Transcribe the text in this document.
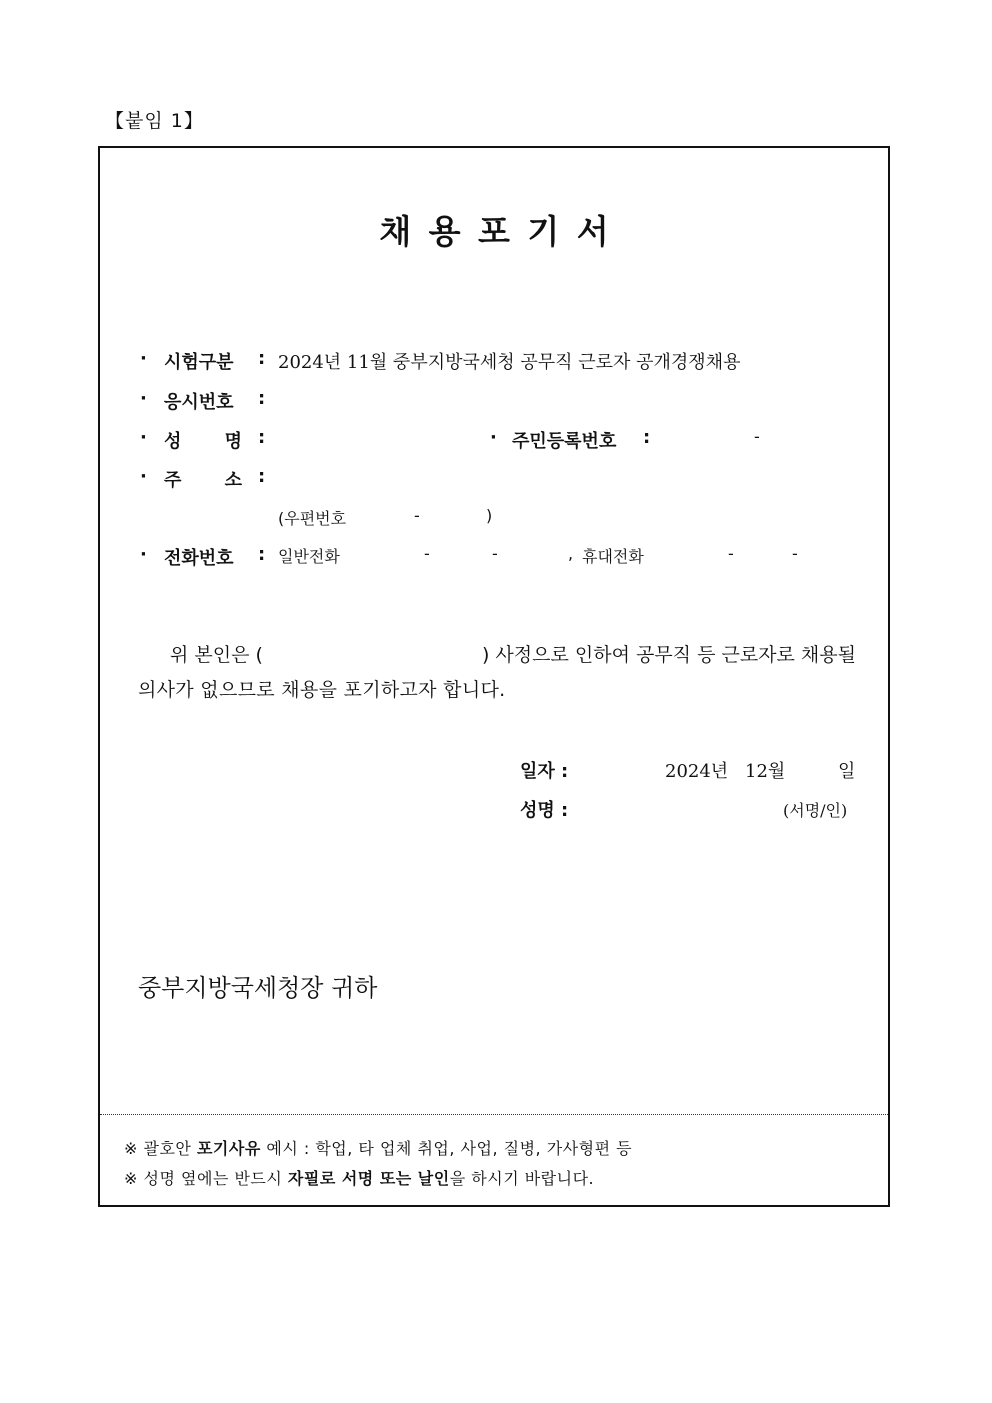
【붙임 1】
채 용 포 기 서
· 시험구분 : 2024년 11월 중부지방국세청 공무직 근로자 공개경쟁채용
· 응시번호 :
· 성 명 :	· 주민등록번호 :	-
· 주 소 :
(우편번호	-	)
· 전화번호 : 일반전화	-	-	, 휴대전화	-	-
위 본인은 (	) 사정으로 인하여 공무직 등 근로자로 채용될
의사가 없으므로 채용을 포기하고자 합니다.
일자 :	2024년 12월	일
성명 :	(서명/인)
중부지방국세청장 귀하
※ 괄호안 포기사유 예시 : 학업, 타 업체 취업, 사업, 질병, 가사형편 등
※ 성명 옆에는 반드시 자필로 서명 또는 날인을 하시기 바랍니다.
